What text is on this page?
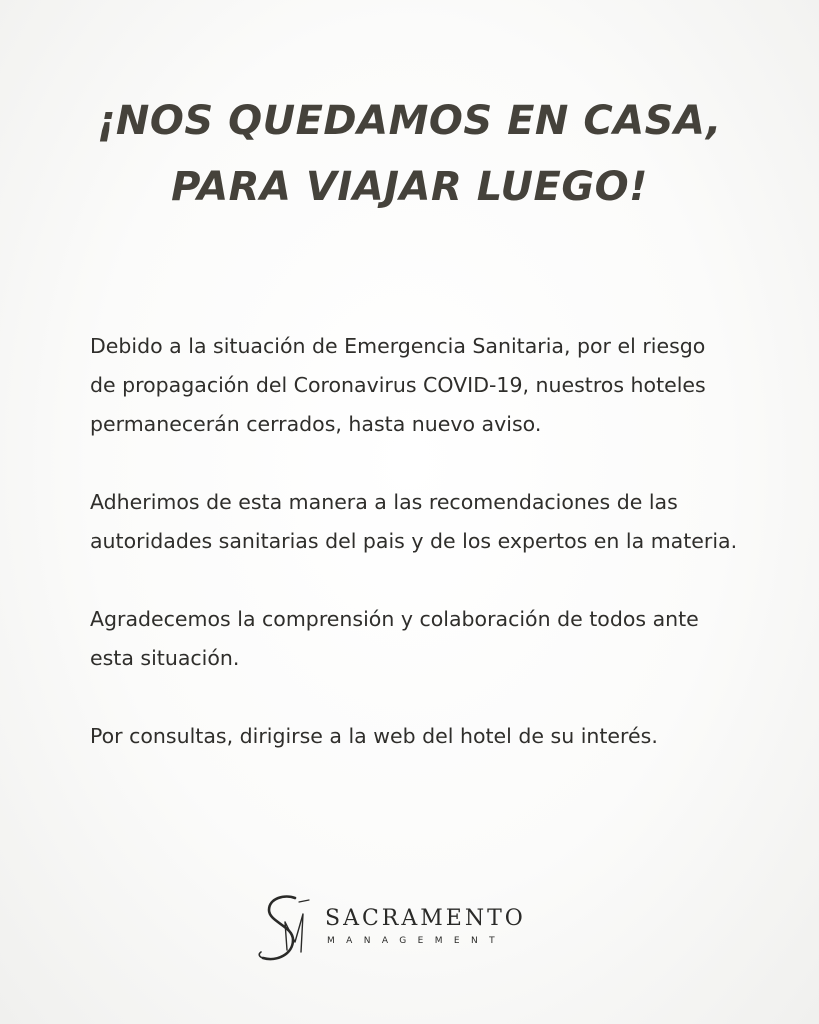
¡NOS QUEDAMOS EN CASA,
PARA VIAJAR LUEGO!

Debido a la situación de Emergencia Sanitaria, por el riesgo
de propagación del Coronavirus COVID-19, nuestros hoteles
permanecerán cerrados, hasta nuevo aviso.

Adherimos de esta manera a las recomendaciones de las
autoridades sanitarias del pais y de los expertos en la materia.

Agradecemos la comprensión y colaboración de todos ante
esta situación.

Por consultas, dirigirse a la web del hotel de su interés.

SACRAMENTO
MANAGEMENT
